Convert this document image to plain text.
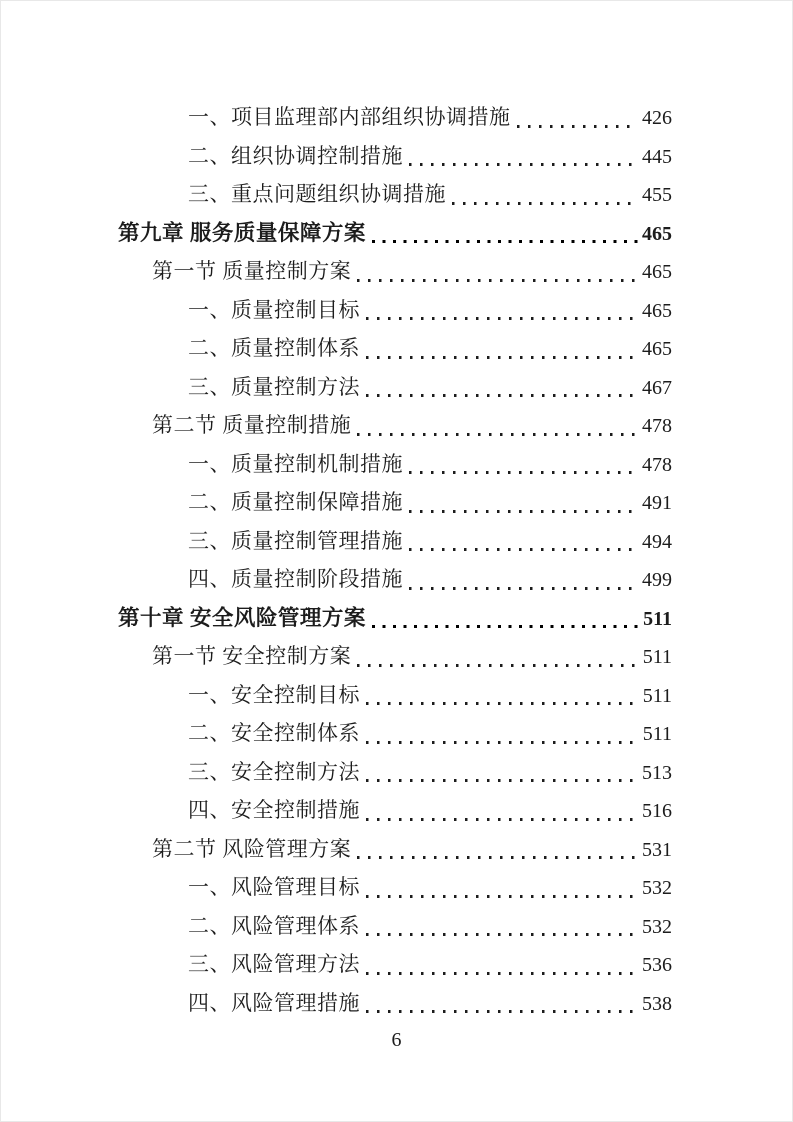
一、项目监理部内部组织协调措施	426
二、组织协调控制措施	445
三、重点问题组织协调措施	455
第九章 服务质量保障方案	465
第一节 质量控制方案	465
一、质量控制目标	465
二、质量控制体系	465
三、质量控制方法	467
第二节 质量控制措施	478
一、质量控制机制措施	478
二、质量控制保障措施	491
三、质量控制管理措施	494
四、质量控制阶段措施	499
第十章 安全风险管理方案	511
第一节 安全控制方案	511
一、安全控制目标	511
二、安全控制体系	511
三、安全控制方法	513
四、安全控制措施	516
第二节 风险管理方案	531
一、风险管理目标	532
二、风险管理体系	532
三、风险管理方法	536
四、风险管理措施	538
6
